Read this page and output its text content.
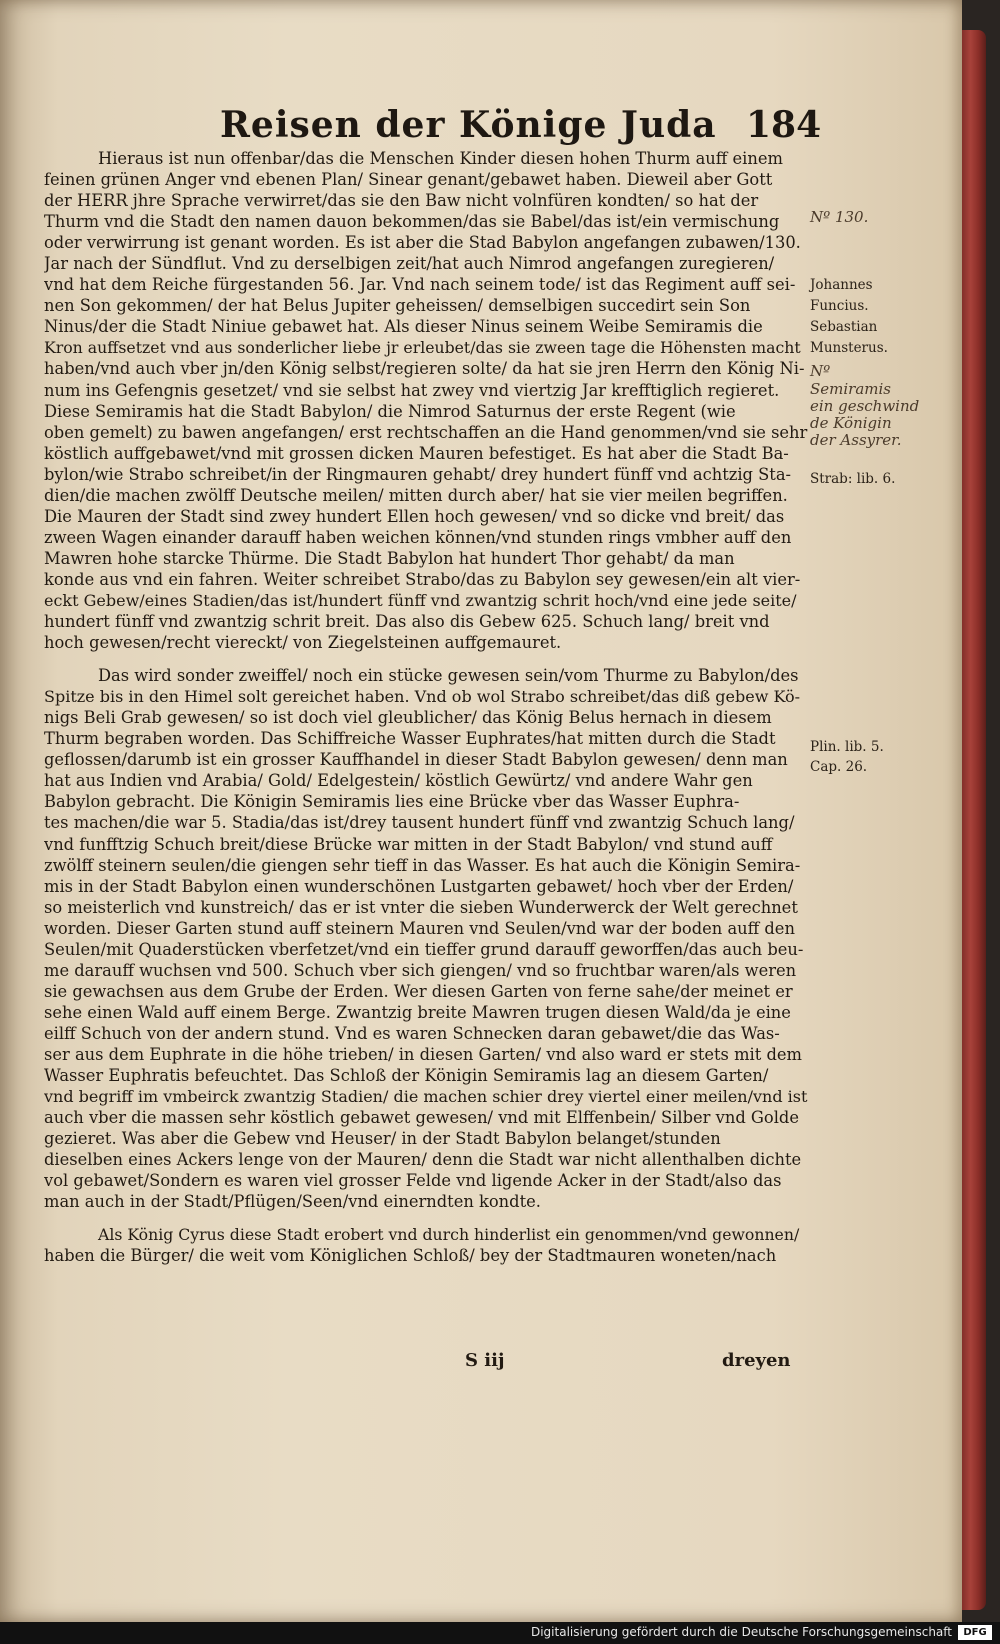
Reisen der Könige Juda 184
Hieraus ist nun offenbar/das die Menschen Kinder diesen hohen Thurm auff einem
feinen grünen Anger vnd ebenen Plan/ Sinear genant/gebawet haben. Dieweil aber Gott
der HERR jhre Sprache verwirret/das sie den Baw nicht volnfüren kondten/ so hat der
Thurm vnd die Stadt den namen dauon bekommen/das sie Babel/das ist/ein vermischung
oder verwirrung ist genant worden. Es ist aber die Stad Babylon angefangen zubawen/130.
Jar nach der Sündflut. Vnd zu derselbigen zeit/hat auch Nimrod angefangen zuregieren/
vnd hat dem Reiche fürgestanden 56. Jar. Vnd nach seinem tode/ ist das Regiment auff sei-
nen Son gekommen/ der hat Belus Jupiter geheissen/ demselbigen succedirt sein Son
Ninus/der die Stadt Niniue gebawet hat. Als dieser Ninus seinem Weibe Semiramis die
Kron auffsetzet vnd aus sonderlicher liebe jr erleubet/das sie zween tage die Höhensten macht
haben/vnd auch vber jn/den König selbst/regieren solte/ da hat sie jren Herrn den König Ni-
num ins Gefengnis gesetzet/ vnd sie selbst hat zwey vnd viertzig Jar krefftiglich regieret.
Diese Semiramis hat die Stadt Babylon/ die Nimrod Saturnus der erste Regent (wie
oben gemelt) zu bawen angefangen/ erst rechtschaffen an die Hand genommen/vnd sie sehr
köstlich auffgebawet/vnd mit grossen dicken Mauren befestiget. Es hat aber die Stadt Ba-
bylon/wie Strabo schreibet/in der Ringmauren gehabt/ drey hundert fünff vnd achtzig Sta-
dien/die machen zwölff Deutsche meilen/ mitten durch aber/ hat sie vier meilen begriffen.
Die Mauren der Stadt sind zwey hundert Ellen hoch gewesen/ vnd so dicke vnd breit/ das
zween Wagen einander darauff haben weichen können/vnd stunden rings vmbher auff den
Mawren hohe starcke Thürme. Die Stadt Babylon hat hundert Thor gehabt/ da man
konde aus vnd ein fahren. Weiter schreibet Strabo/das zu Babylon sey gewesen/ein alt vier-
eckt Gebew/eines Stadien/das ist/hundert fünff vnd zwantzig schrit hoch/vnd eine jede seite/
hundert fünff vnd zwantzig schrit breit. Das also dis Gebew 625. Schuch lang/ breit vnd
hoch gewesen/recht viereckt/ von Ziegelsteinen auffgemauret.
Das wird sonder zweiffel/ noch ein stücke gewesen sein/vom Thurme zu Babylon/des
Spitze bis in den Himel solt gereichet haben. Vnd ob wol Strabo schreibet/das diß gebew Kö-
nigs Beli Grab gewesen/ so ist doch viel gleublicher/ das König Belus hernach in diesem
Thurm begraben worden. Das Schiffreiche Wasser Euphrates/hat mitten durch die Stadt
geflossen/darumb ist ein grosser Kauffhandel in dieser Stadt Babylon gewesen/ denn man
hat aus Indien vnd Arabia/ Gold/ Edelgestein/ köstlich Gewürtz/ vnd andere Wahr gen
Babylon gebracht. Die Königin Semiramis lies eine Brücke vber das Wasser Euphra-
tes machen/die war 5. Stadia/das ist/drey tausent hundert fünff vnd zwantzig Schuch lang/
vnd funfftzig Schuch breit/diese Brücke war mitten in der Stadt Babylon/ vnd stund auff
zwölff steinern seulen/die giengen sehr tieff in das Wasser. Es hat auch die Königin Semira-
mis in der Stadt Babylon einen wunderschönen Lustgarten gebawet/ hoch vber der Erden/
so meisterlich vnd kunstreich/ das er ist vnter die sieben Wunderwerck der Welt gerechnet
worden. Dieser Garten stund auff steinern Mauren vnd Seulen/vnd war der boden auff den
Seulen/mit Quaderstücken vberfetzet/vnd ein tieffer grund darauff geworffen/das auch beu-
me darauff wuchsen vnd 500. Schuch vber sich giengen/ vnd so fruchtbar waren/als weren
sie gewachsen aus dem Grube der Erden. Wer diesen Garten von ferne sahe/der meinet er
sehe einen Wald auff einem Berge. Zwantzig breite Mawren trugen diesen Wald/da je eine
eilff Schuch von der andern stund. Vnd es waren Schnecken daran gebawet/die das Was-
ser aus dem Euphrate in die höhe trieben/ in diesen Garten/ vnd also ward er stets mit dem
Wasser Euphratis befeuchtet. Das Schloß der Königin Semiramis lag an diesem Garten/
vnd begriff im vmbeirck zwantzig Stadien/ die machen schier drey viertel einer meilen/vnd ist
auch vber die massen sehr köstlich gebawet gewesen/ vnd mit Elffenbein/ Silber vnd Golde
gezieret. Was aber die Gebew vnd Heuser/ in der Stadt Babylon belanget/stunden
dieselben eines Ackers lenge von der Mauren/ denn die Stadt war nicht allenthalben dichte
vol gebawet/Sondern es waren viel grosser Felde vnd ligende Acker in der Stadt/also das
man auch in der Stadt/Pflügen/Seen/vnd einerndten kondte.
Als König Cyrus diese Stadt erobert vnd durch hinderlist ein genommen/vnd gewonnen/
haben die Bürger/ die weit vom Königlichen Schloß/ bey der Stadtmauren woneten/nach
Nº 130.
Johannes
Funcius.
Sebastian
Munsterus.
Nº
Semiramis
ein geschwind
de Königin
der Assyrer.
Strab: lib. 6.
Plin. lib. 5.
Cap. 26.
S iij	dreyen
Digitalisierung gefördert durch die Deutsche Forschungsgemeinschaft	DFG
